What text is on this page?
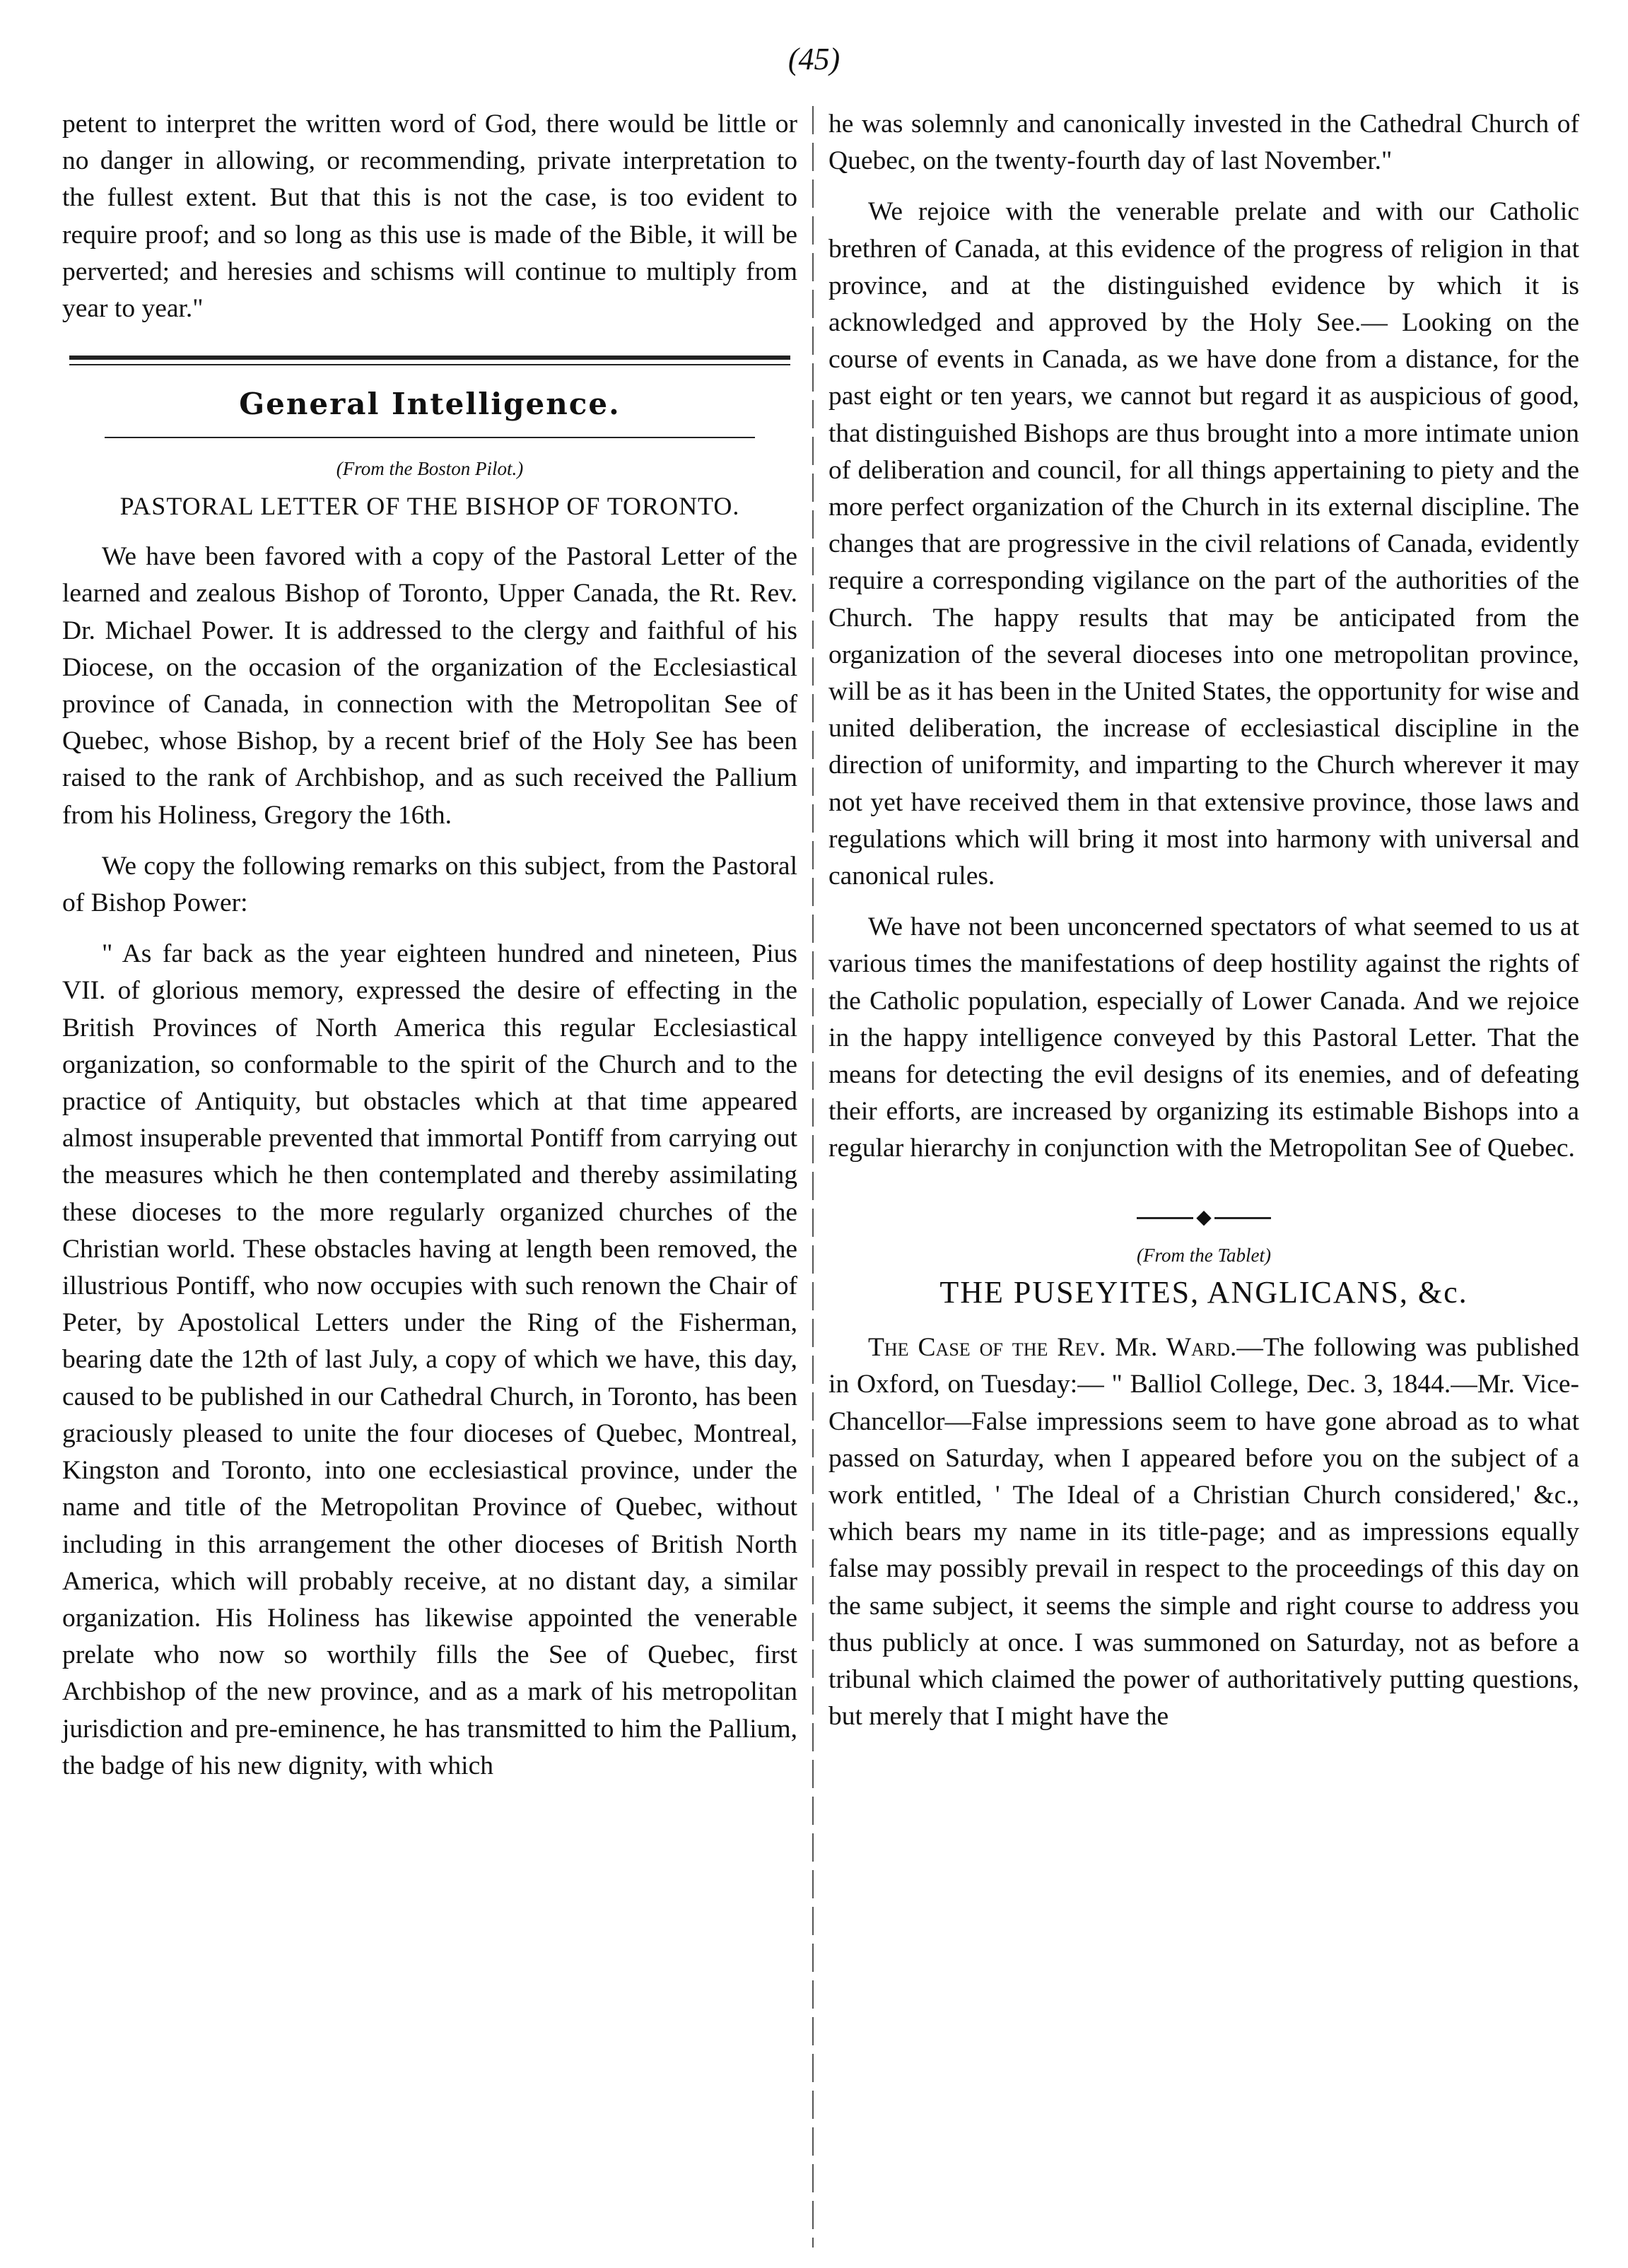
(45)

petent to interpret the written word of God, there would be little or no danger in allowing, or recommending, private interpretation to the fullest extent. But that this is not the case, is too evident to require proof; and so long as this use is made of the Bible, it will be perverted; and heresies and schisms will continue to multiply from year to year."

General Intelligence.
(From the Boston Pilot.)
PASTORAL LETTER OF THE BISHOP OF TORONTO.

We have been favored with a copy of the Pastoral Letter of the learned and zealous Bishop of Toronto, Upper Canada, the Rt. Rev. Dr. Michael Power. It is addressed to the clergy and faithful of his Diocese, on the occasion of the organization of the Ecclesiastical province of Canada, in connection with the Metropolitan See of Quebec, whose Bishop, by a recent brief of the Holy See has been raised to the rank of Archbishop, and as such received the Pallium from his Holiness, Gregory the 16th.

We copy the following remarks on this subject, from the Pastoral of Bishop Power:

" As far back as the year eighteen hundred and nineteen, Pius VII. of glorious memory, expressed the desire of effecting in the British Provinces of North America this regular Ecclesiastical organization, so conformable to the spirit of the Church and to the practice of Antiquity, but obstacles which at that time appeared almost insuperable prevented that immortal Pontiff from carrying out the measures which he then contemplated and thereby assimilating these dioceses to the more regularly organized churches of the Christian world. These obstacles having at length been removed, the illustrious Pontiff, who now occupies with such renown the Chair of Peter, by Apostolical Letters under the Ring of the Fisherman, bearing date the 12th of last July, a copy of which we have, this day, caused to be published in our Cathedral Church, in Toronto, has been graciously pleased to unite the four dioceses of Quebec, Montreal, Kingston and Toronto, into one ecclesiastical province, under the name and title of the Metropolitan Province of Quebec, without including in this arrangement the other dioceses of British North America, which will probably receive, at no distant day, a similar organization. His Holiness has likewise appointed the venerable prelate who now so worthily fills the See of Quebec, first Archbishop of the new province, and as a mark of his metropolitan jurisdiction and pre-eminence, he has transmitted to him the Pallium, the badge of his new dignity, with which

he was solemnly and canonically invested in the Cathedral Church of Quebec, on the twenty-fourth day of last November."

We rejoice with the venerable prelate and with our Catholic brethren of Canada, at this evidence of the progress of religion in that province, and at the distinguished evidence by which it is acknowledged and approved by the Holy See.— Looking on the course of events in Canada, as we have done from a distance, for the past eight or ten years, we cannot but regard it as auspicious of good, that distinguished Bishops are thus brought into a more intimate union of deliberation and council, for all things appertaining to piety and the more perfect organization of the Church in its external discipline. The changes that are progressive in the civil relations of Canada, evidently require a corresponding vigilance on the part of the authorities of the Church. The happy results that may be anticipated from the organization of the several dioceses into one metropolitan province, will be as it has been in the United States, the opportunity for wise and united deliberation, the increase of ecclesiastical discipline in the direction of uniformity, and imparting to the Church wherever it may not yet have received them in that extensive province, those laws and regulations which will bring it most into harmony with universal and canonical rules.

We have not been unconcerned spectators of what seemed to us at various times the manifestations of deep hostility against the rights of the Catholic population, especially of Lower Canada. And we rejoice in the happy intelligence conveyed by this Pastoral Letter. That the means for detecting the evil designs of its enemies, and of defeating their efforts, are increased by organizing its estimable Bishops into a regular hierarchy in conjunction with the Metropolitan See of Quebec.

◆
(From the Tablet)
THE PUSEYITES, ANGLICANS, &c.

The Case of the Rev. Mr. Ward.—The following was published in Oxford, on Tuesday:— " Balliol College, Dec. 3, 1844.—Mr. Vice-Chancellor—False impressions seem to have gone abroad as to what passed on Saturday, when I appeared before you on the subject of a work entitled, ' The Ideal of a Christian Church considered,' &c., which bears my name in its title-page; and as impressions equally false may possibly prevail in respect to the proceedings of this day on the same subject, it seems the simple and right course to address you thus publicly at once. I was summoned on Saturday, not as before a tribunal which claimed the power of authoritatively putting questions, but merely that I might have the
